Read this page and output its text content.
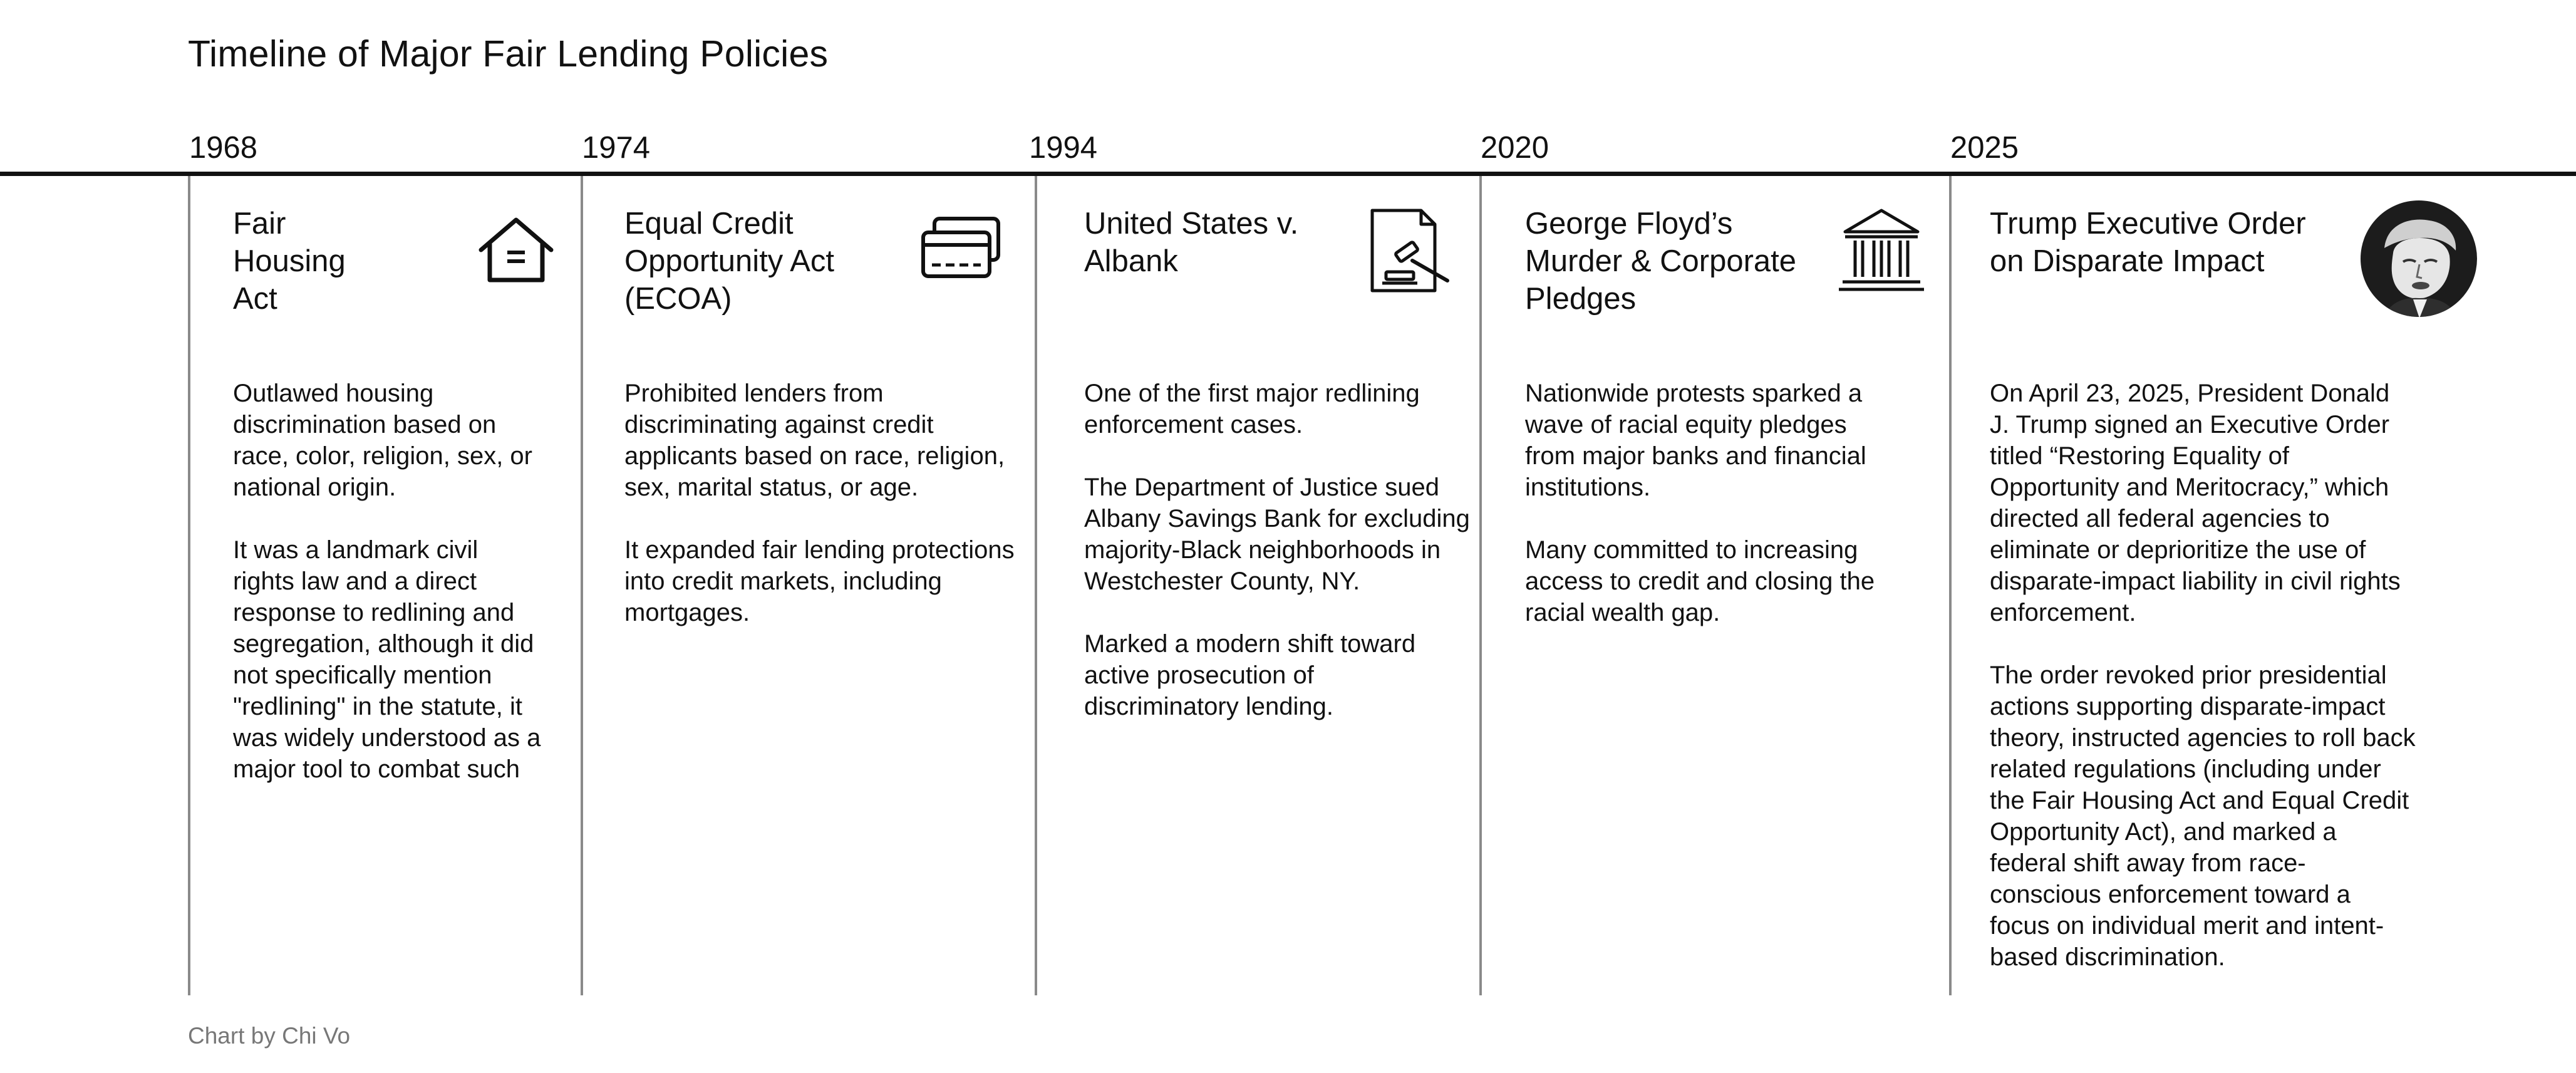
Timeline of Major Fair Lending Policies
1968
Fair Housing Act

Outlawed housing discrimination based on race, color, religion, sex, or national origin.

It was a landmark civil rights law and a direct response to redlining and segregation, although it did not specifically mention "redlining" in the statute, it was widely understood as a major tool to combat such

1974
Equal Credit Opportunity Act (ECOA)

Prohibited lenders from discriminating against credit applicants based on race, religion, sex, marital status, or age.

It expanded fair lending protections into credit markets, including mortgages.

1994
United States v. Albank

One of the first major redlining enforcement cases.

The Department of Justice sued Albany Savings Bank for excluding majority-Black neighborhoods in Westchester County, NY.

Marked a modern shift toward active prosecution of discriminatory lending.

2020
George Floyd’s Murder & Corporate Pledges

Nationwide protests sparked a wave of racial equity pledges from major banks and financial institutions.

Many committed to increasing access to credit and closing the racial wealth gap.

2025
Trump Executive Order on Disparate Impact

On April 23, 2025, President Donald J. Trump signed an Executive Order titled “Restoring Equality of Opportunity and Meritocracy,” which directed all federal agencies to eliminate or deprioritize the use of disparate-impact liability in civil rights enforcement.

The order revoked prior presidential actions supporting disparate-impact theory, instructed agencies to roll back related regulations (including under the Fair Housing Act and Equal Credit Opportunity Act), and marked a federal shift away from race-conscious enforcement toward a focus on individual merit and intent-based discrimination.

Chart by Chi Vo
